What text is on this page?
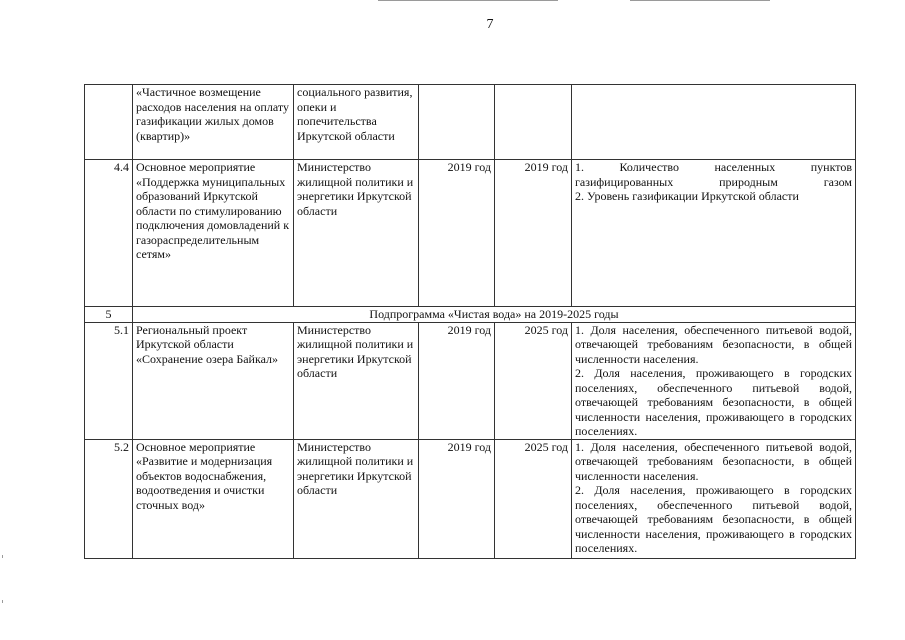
7
	«Частичное возмещение расходов населения на оплату газификации жилых домов (квартир)»	социального развития, опеки и попечительства Иркутской области			
4.4	Основное мероприятие «Поддержка муниципальных образований Иркутской области по стимулированию подключения домовладений к газораспределительным сетям»	Министерство жилищной политики и энергетики Иркутской области	2019 год	2019 год	1. Количество населенных пунктов газифицированных природным газом
2. Уровень газификации Иркутской области

5	Подпрограмма «Чистая вода» на 2019-2025 годы				
5.1	Региональный проект Иркутской области «Сохранение озера Байкал»	Министерство жилищной политики и энергетики Иркутской области	2019 год	2025 год	1. Доля населения, обеспеченного питьевой водой, отвечающей требованиям безопасности, в общей численности населения.
2. Доля населения, проживающего в городских поселениях, обеспеченного питьевой водой, отвечающей требованиям безопасности, в общей численности населения, проживающего в городских поселениях.

5.2	Основное мероприятие «Развитие и модернизация объектов водоснабжения, водоотведения и очистки сточных вод»	Министерство жилищной политики и энергетики Иркутской области	2019 год	2025 год	1. Доля населения, обеспеченного питьевой водой, отвечающей требованиям безопасности, в общей численности населения.
2. Доля населения, проживающего в городских поселениях, обеспеченного питьевой водой, отвечающей требованиям безопасности, в общей численности населения, проживающего в городских поселениях.
